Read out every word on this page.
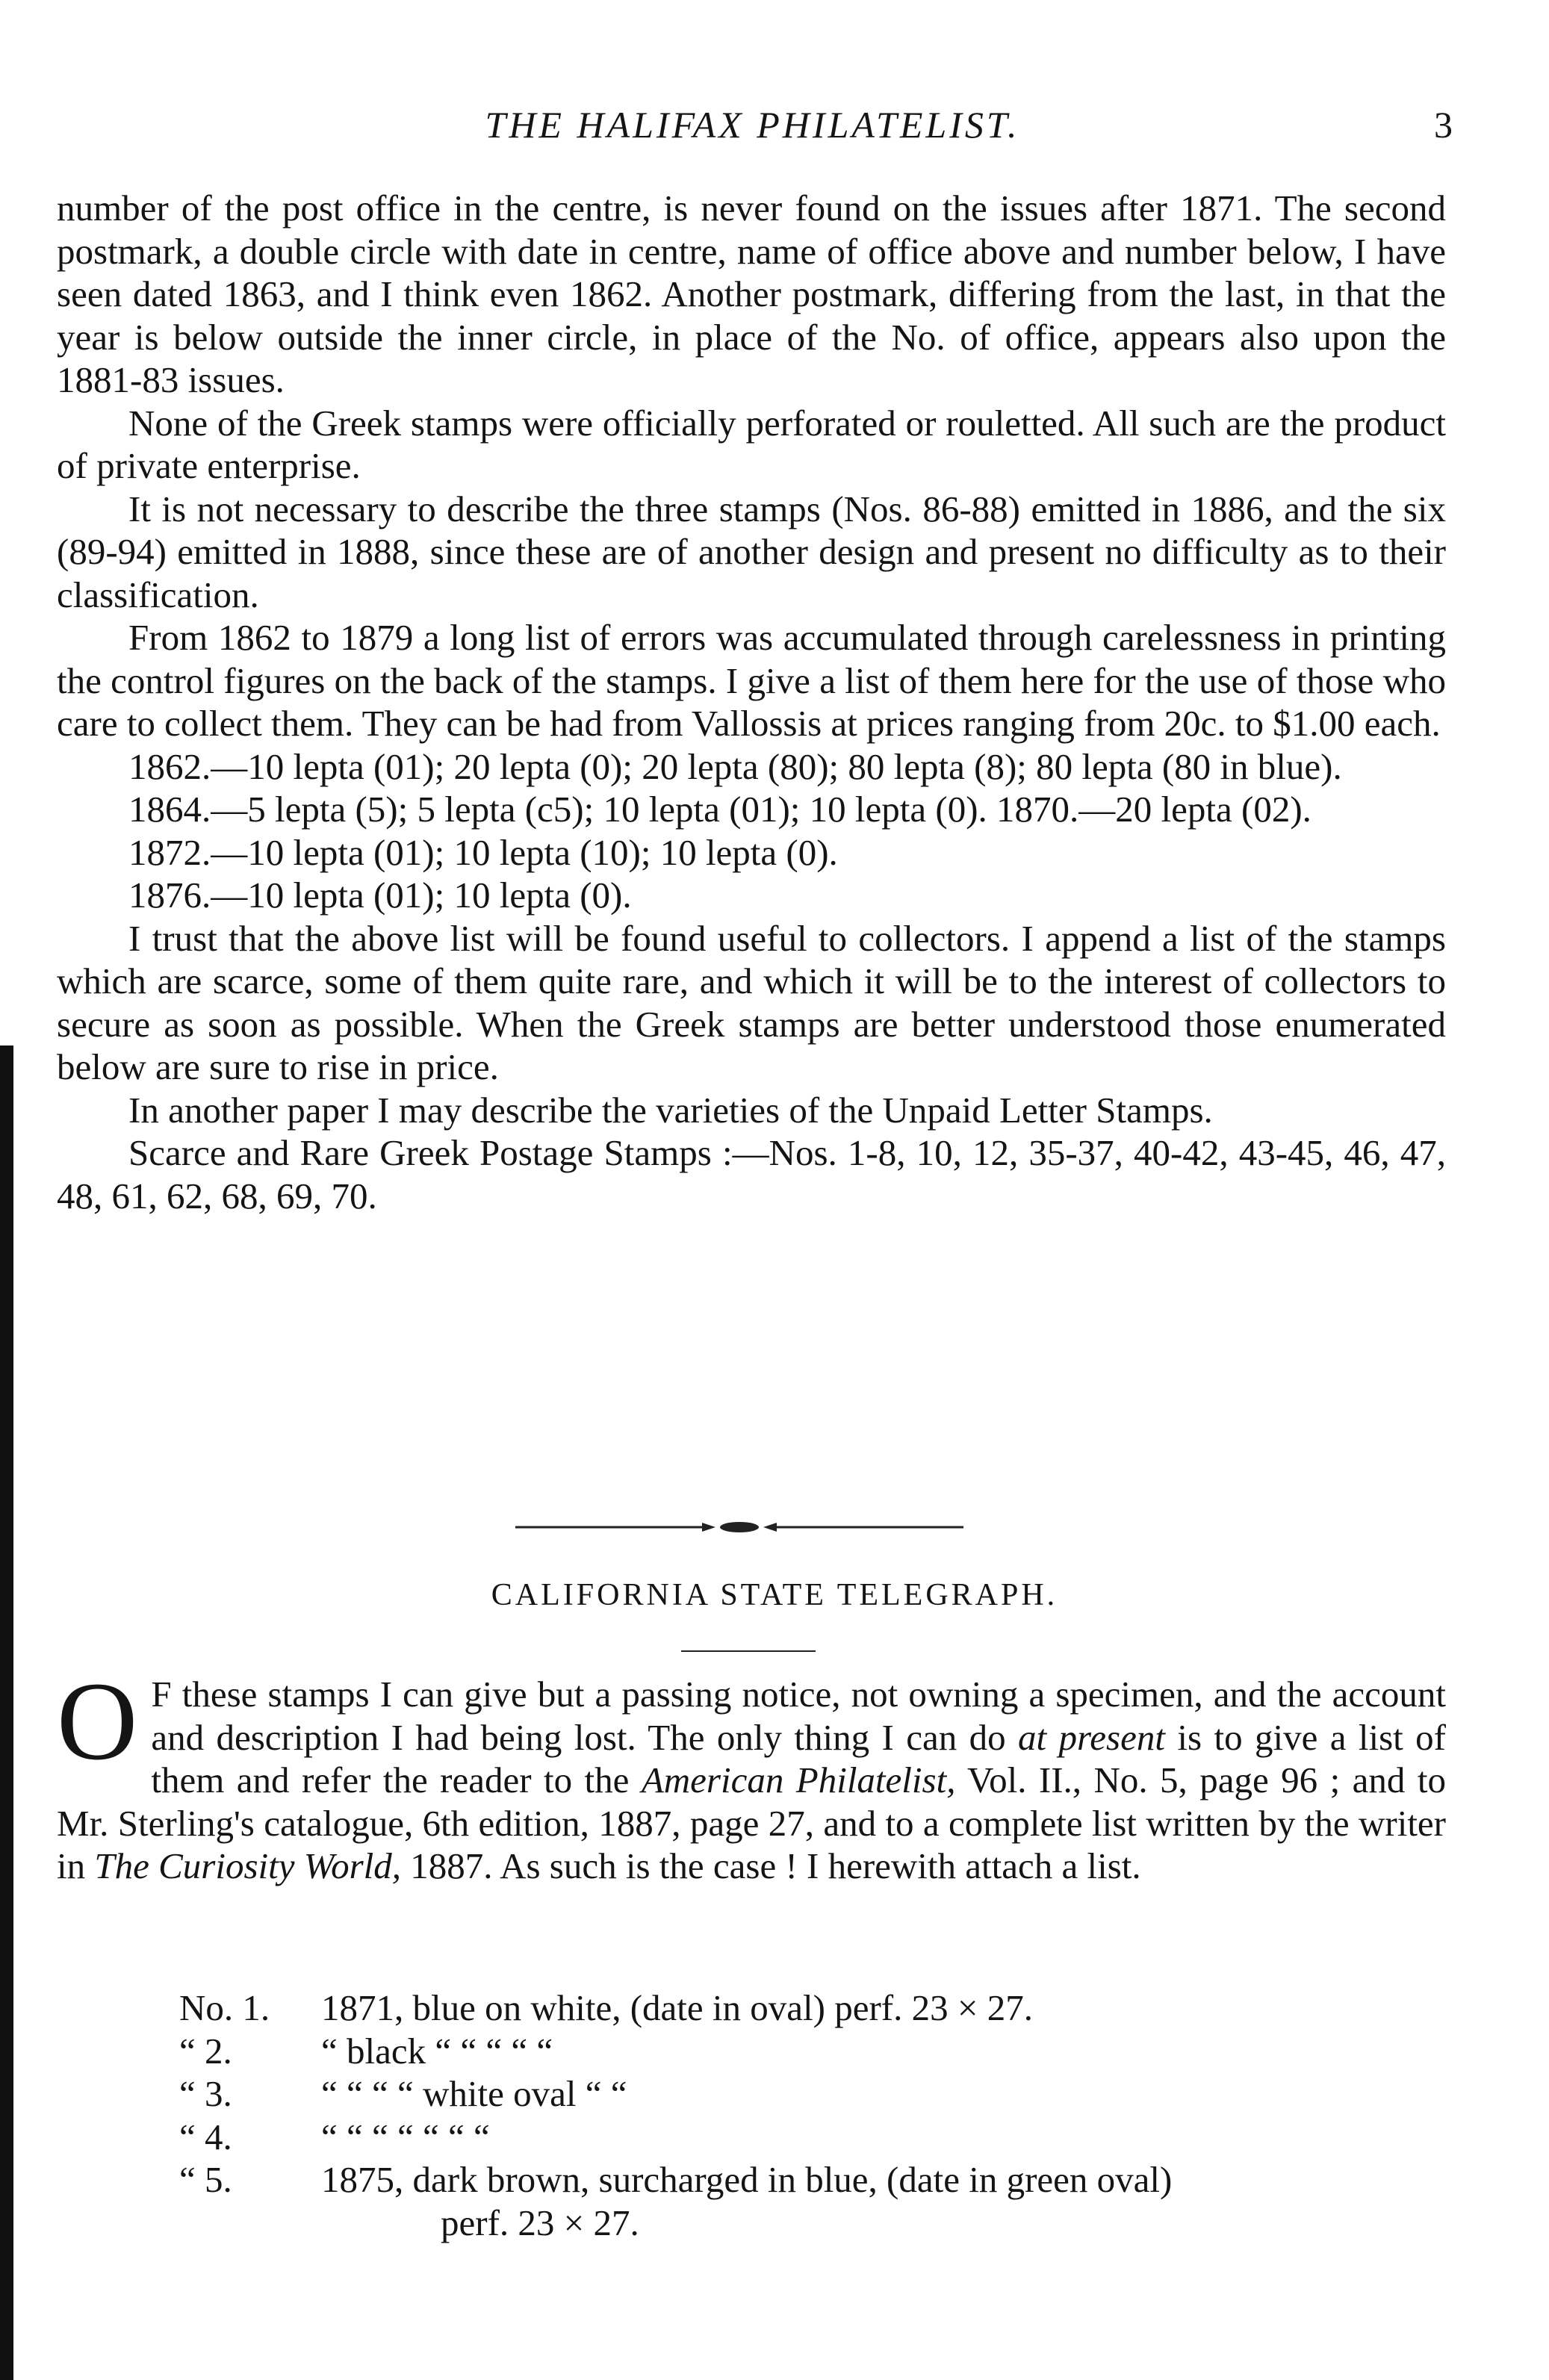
THE HALIFAX PHILATELIST.	3

number of the post office in the centre, is never found on the issues after 1871. The second postmark, a double circle with date in centre, name of office above and number below, I have seen dated 1863, and I think even 1862. Another postmark, differing from the last, in that the year is below outside the inner circle, in place of the No. of office, appears also upon the 1881-83 issues.

None of the Greek stamps were officially perforated or rouletted. All such are the product of private enterprise.

It is not necessary to describe the three stamps (Nos. 86-88) emitted in 1886, and the six (89-94) emitted in 1888, since these are of another design and present no difficulty as to their classification.

From 1862 to 1879 a long list of errors was accumulated through carelessness in printing the control figures on the back of the stamps. I give a list of them here for the use of those who care to collect them. They can be had from Vallossis at prices ranging from 20c. to $1.00 each.

1862.—10 lepta (01); 20 lepta (0); 20 lepta (80); 80 lepta (8); 80 lepta (80 in blue).

1864.—5 lepta (5); 5 lepta (c5); 10 lepta (01); 10 lepta (0). 1870.—20 lepta (02).

1872.—10 lepta (01); 10 lepta (10); 10 lepta (0).

1876.—10 lepta (01); 10 lepta (0).

I trust that the above list will be found useful to collectors. I append a list of the stamps which are scarce, some of them quite rare, and which it will be to the interest of collectors to secure as soon as possible. When the Greek stamps are better understood those enumerated below are sure to rise in price.

In another paper I may describe the varieties of the Unpaid Letter Stamps.

Scarce and Rare Greek Postage Stamps :—Nos. 1-8, 10, 12, 35-37, 40-42, 43-45, 46, 47, 48, 61, 62, 68, 69, 70.

CALIFORNIA STATE TELEGRAPH.

O F these stamps I can give but a passing notice, not owning a specimen, and the account and description I had being lost. The only thing I can do at present is to give a list of them and refer the reader to the American Philatelist, Vol. II., No. 5, page 96 ; and to Mr. Sterling's catalogue, 6th edition, 1887, page 27, and to a complete list written by the writer in The Curiosity World, 1887. As such is the case ! I herewith attach a list.

No. 1.	1871, blue on white, (date in oval) perf. 23 × 27.
“ 2.	“ black “ “ “ “ “
“ 3.	“ “ “ “ white oval “ “
“ 4.	“ “ “ “ “ “ “
“ 5.	1875, dark brown, surcharged in blue, (date in green oval)
perf. 23 × 27.
